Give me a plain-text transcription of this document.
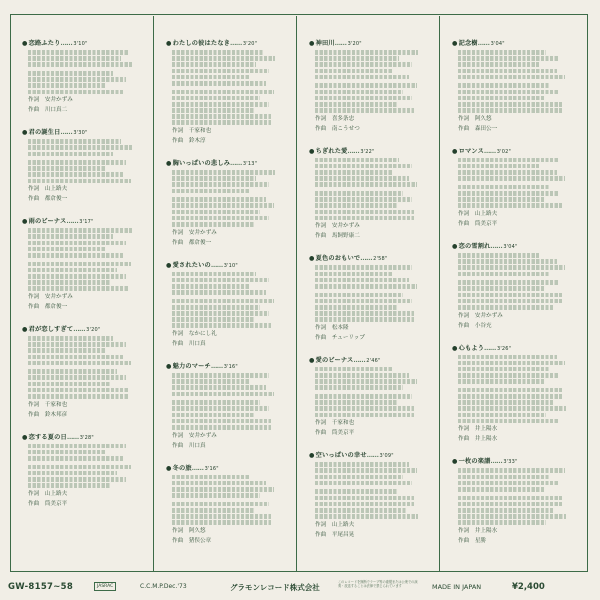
●恋路ふたり……3'10"
作詞　 安井かずみ
作曲　 川口真二
●君の誕生日……3'30"
作詞　 山上路夫
作曲　 都倉俊一
●雨のビーナス……3'17"
作詞　 安井かずみ
作曲　 都倉俊一
●君が恋しすぎて……3'20"
作詞　 千家和也
作曲　 鈴木邦彦
●恋する夏の日……3'28"
作詞　 山上路夫
作曲　 筒美京平
●わたしの彼はたなき……3'20"
作詞　 千家和也
作曲　 鈴木淳
●胸いっぱいの悲しみ……3'13"
作詞　 安井かずみ
作曲　 都倉俊一
●愛されたいの……3'10"
作詞　 なかにし礼
作曲　 川口真
●魅力のマーチ……3'16"
作詞　 安井かずみ
作曲　 川口真
●冬の旅……3'16"
作詞　 阿久悠
作曲　 猪俣公章
●神田川……3'20"
作詞　 喜多条忠
作曲　 南こうせつ
●ちぎれた愛……3'22"
作詞　 安井かずみ
作曲　 馬飼野康二
●夏色のおもいで……2'58"
作詞　 松本隆
作曲　 チューリップ
●愛のビーナス……2'46"
作詞　 千家和也
作曲　 筒美京平
●空いっぱいの幸せ……3'09"
作詞　 山上路夫
作曲　 平尾昌晃
●記念樹……3'04"
作詞　 阿久悠
作曲　 森田公一
●ロマンス……3'02"
作詞　 山上路夫
作曲　 筒美京平
●恋の雪割れ……3'04"
作詞　 安井かずみ
作曲　 小谷充
●心もよう……3'26"
作詞　 井上陽水
作曲　 井上陽水
●一枚の楽譜……3'33"
作詞　 井上陽水
作曲　 星勝
GW-8157~58	JASRAC	C.C.M.P.Dec.'73	グラモンレコード株式会社
このレコードを無断でテープ等の複製または公衆での演奏・放送することは法律で禁じられています	MADE IN JAPAN	¥2,400
